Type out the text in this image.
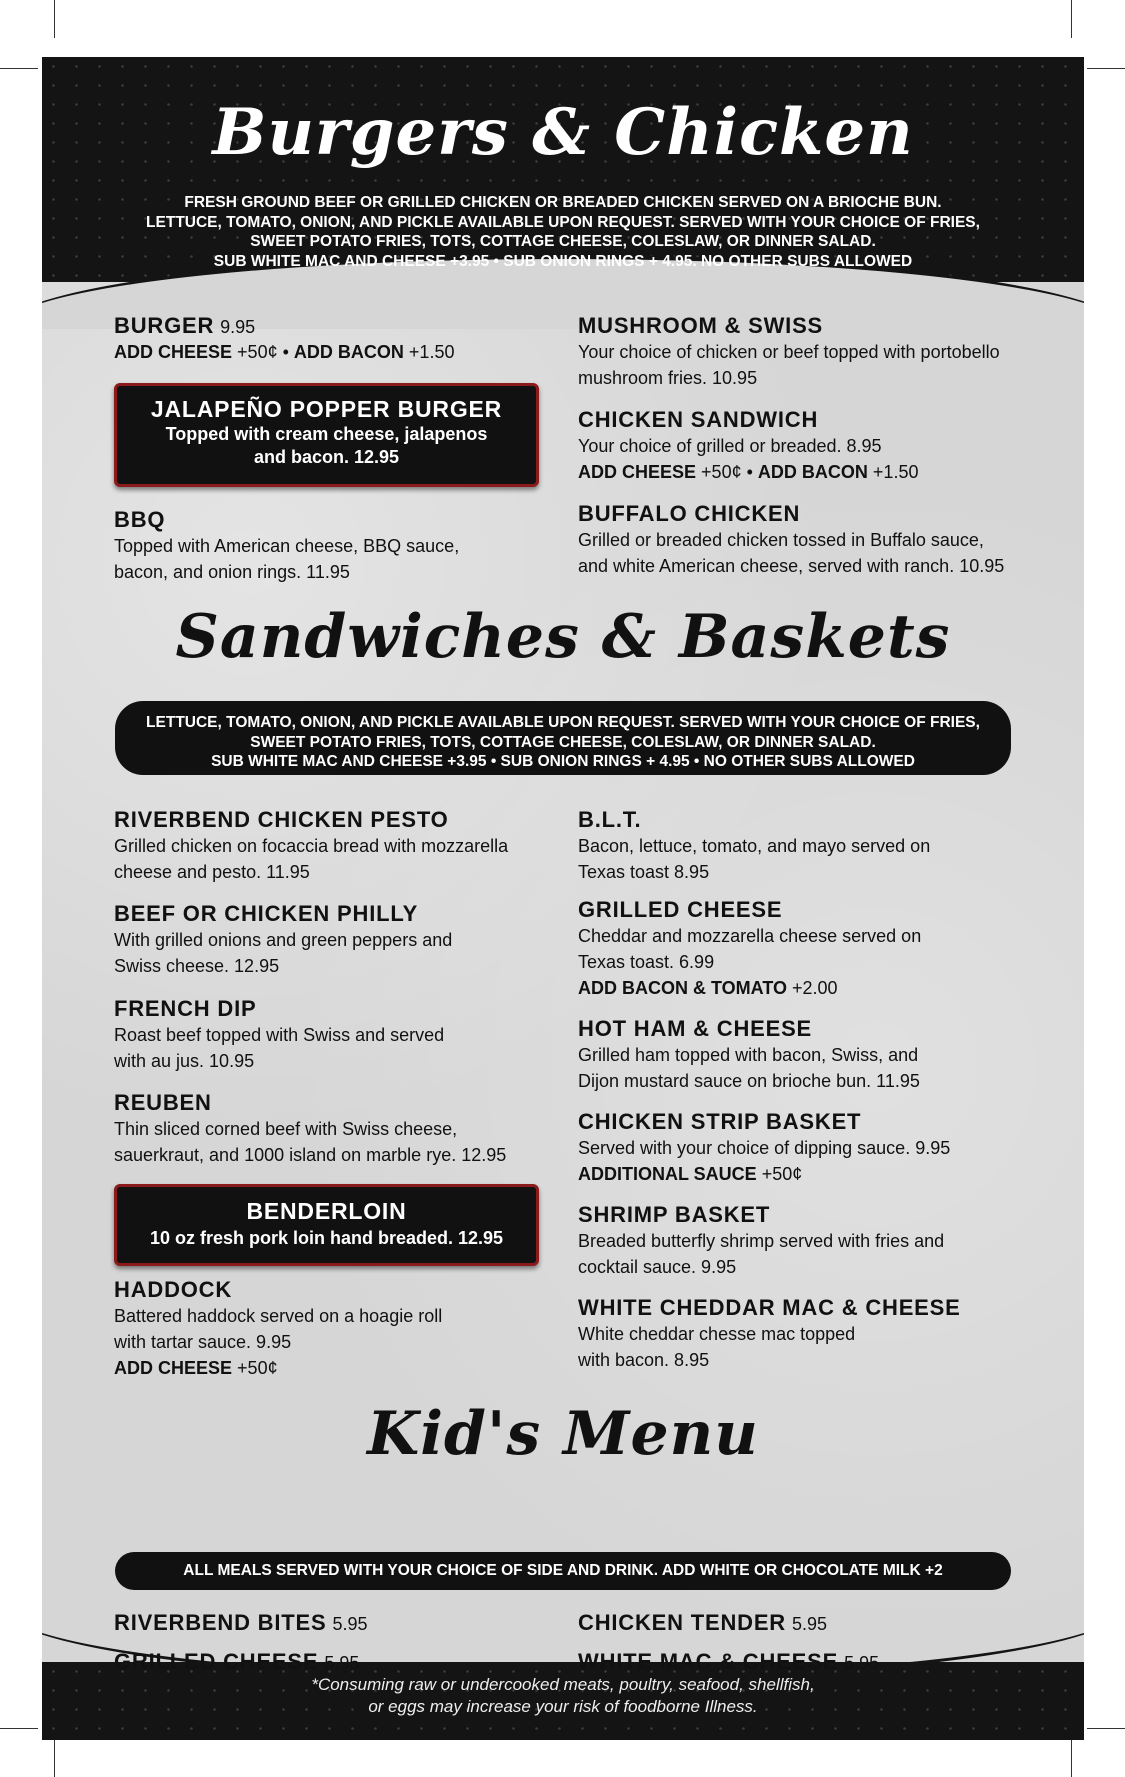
Burgers & Chicken
FRESH GROUND BEEF OR GRILLED CHICKEN OR BREADED CHICKEN SERVED ON A BRIOCHE BUN.
LETTUCE, TOMATO, ONION, AND PICKLE AVAILABLE UPON REQUEST. SERVED WITH YOUR CHOICE OF FRIES,
SWEET POTATO FRIES, TOTS, COTTAGE CHEESE, COLESLAW, OR DINNER SALAD.
SUB WHITE MAC AND CHEESE +3.95 • SUB ONION RINGS + 4.95. NO OTHER SUBS ALLOWED
BURGER 9.95
ADD CHEESE +50¢ • ADD BACON +1.50
JALAPEÑO POPPER BURGER
Topped with cream cheese, jalapenos
and bacon. 12.95
BBQ
Topped with American cheese, BBQ sauce,
bacon, and onion rings. 11.95
MUSHROOM & SWISS
Your choice of chicken or beef topped with portobello
mushroom fries. 10.95
CHICKEN SANDWICH
Your choice of grilled or breaded. 8.95
ADD CHEESE +50¢ • ADD BACON +1.50
BUFFALO CHICKEN
Grilled or breaded chicken tossed in Buffalo sauce,
and white American cheese, served with ranch. 10.95
Sandwiches & Baskets
LETTUCE, TOMATO, ONION, AND PICKLE AVAILABLE UPON REQUEST. SERVED WITH YOUR CHOICE OF FRIES,
SWEET POTATO FRIES, TOTS, COTTAGE CHEESE, COLESLAW, OR DINNER SALAD.
SUB WHITE MAC AND CHEESE +3.95 • SUB ONION RINGS + 4.95 • NO OTHER SUBS ALLOWED
RIVERBEND CHICKEN PESTO
Grilled chicken on focaccia bread with mozzarella
cheese and pesto. 11.95
BEEF OR CHICKEN PHILLY
With grilled onions and green peppers and
Swiss cheese. 12.95
FRENCH DIP
Roast beef topped with Swiss and served
with au jus. 10.95
REUBEN
Thin sliced corned beef with Swiss cheese,
sauerkraut, and 1000 island on marble rye. 12.95
BENDERLOIN
10 oz fresh pork loin hand breaded. 12.95
HADDOCK
Battered haddock served on a hoagie roll
with tartar sauce. 9.95
ADD CHEESE +50¢
B.L.T.
Bacon, lettuce, tomato, and mayo served on
Texas toast 8.95
GRILLED CHEESE
Cheddar and mozzarella cheese served on
Texas toast. 6.99
ADD BACON & TOMATO +2.00
HOT HAM & CHEESE
Grilled ham topped with bacon, Swiss, and
Dijon mustard sauce on brioche bun. 11.95
CHICKEN STRIP BASKET
Served with your choice of dipping sauce. 9.95
ADDITIONAL SAUCE +50¢
SHRIMP BASKET
Breaded butterfly shrimp served with fries and
cocktail sauce. 9.95
WHITE CHEDDAR MAC & CHEESE
White cheddar chesse mac topped
with bacon. 8.95
Kid's Menu
ALL MEALS SERVED WITH YOUR CHOICE OF SIDE AND DRINK. ADD WHITE OR CHOCOLATE MILK +2
RIVERBEND BITES 5.95
GRILLED CHEESE 5.95
CHICKEN TENDER 5.95
WHITE MAC & CHEESE 5.95
*Consuming raw or undercooked meats, poultry, seafood, shellfish,
or eggs may increase your risk of foodborne Illness.
